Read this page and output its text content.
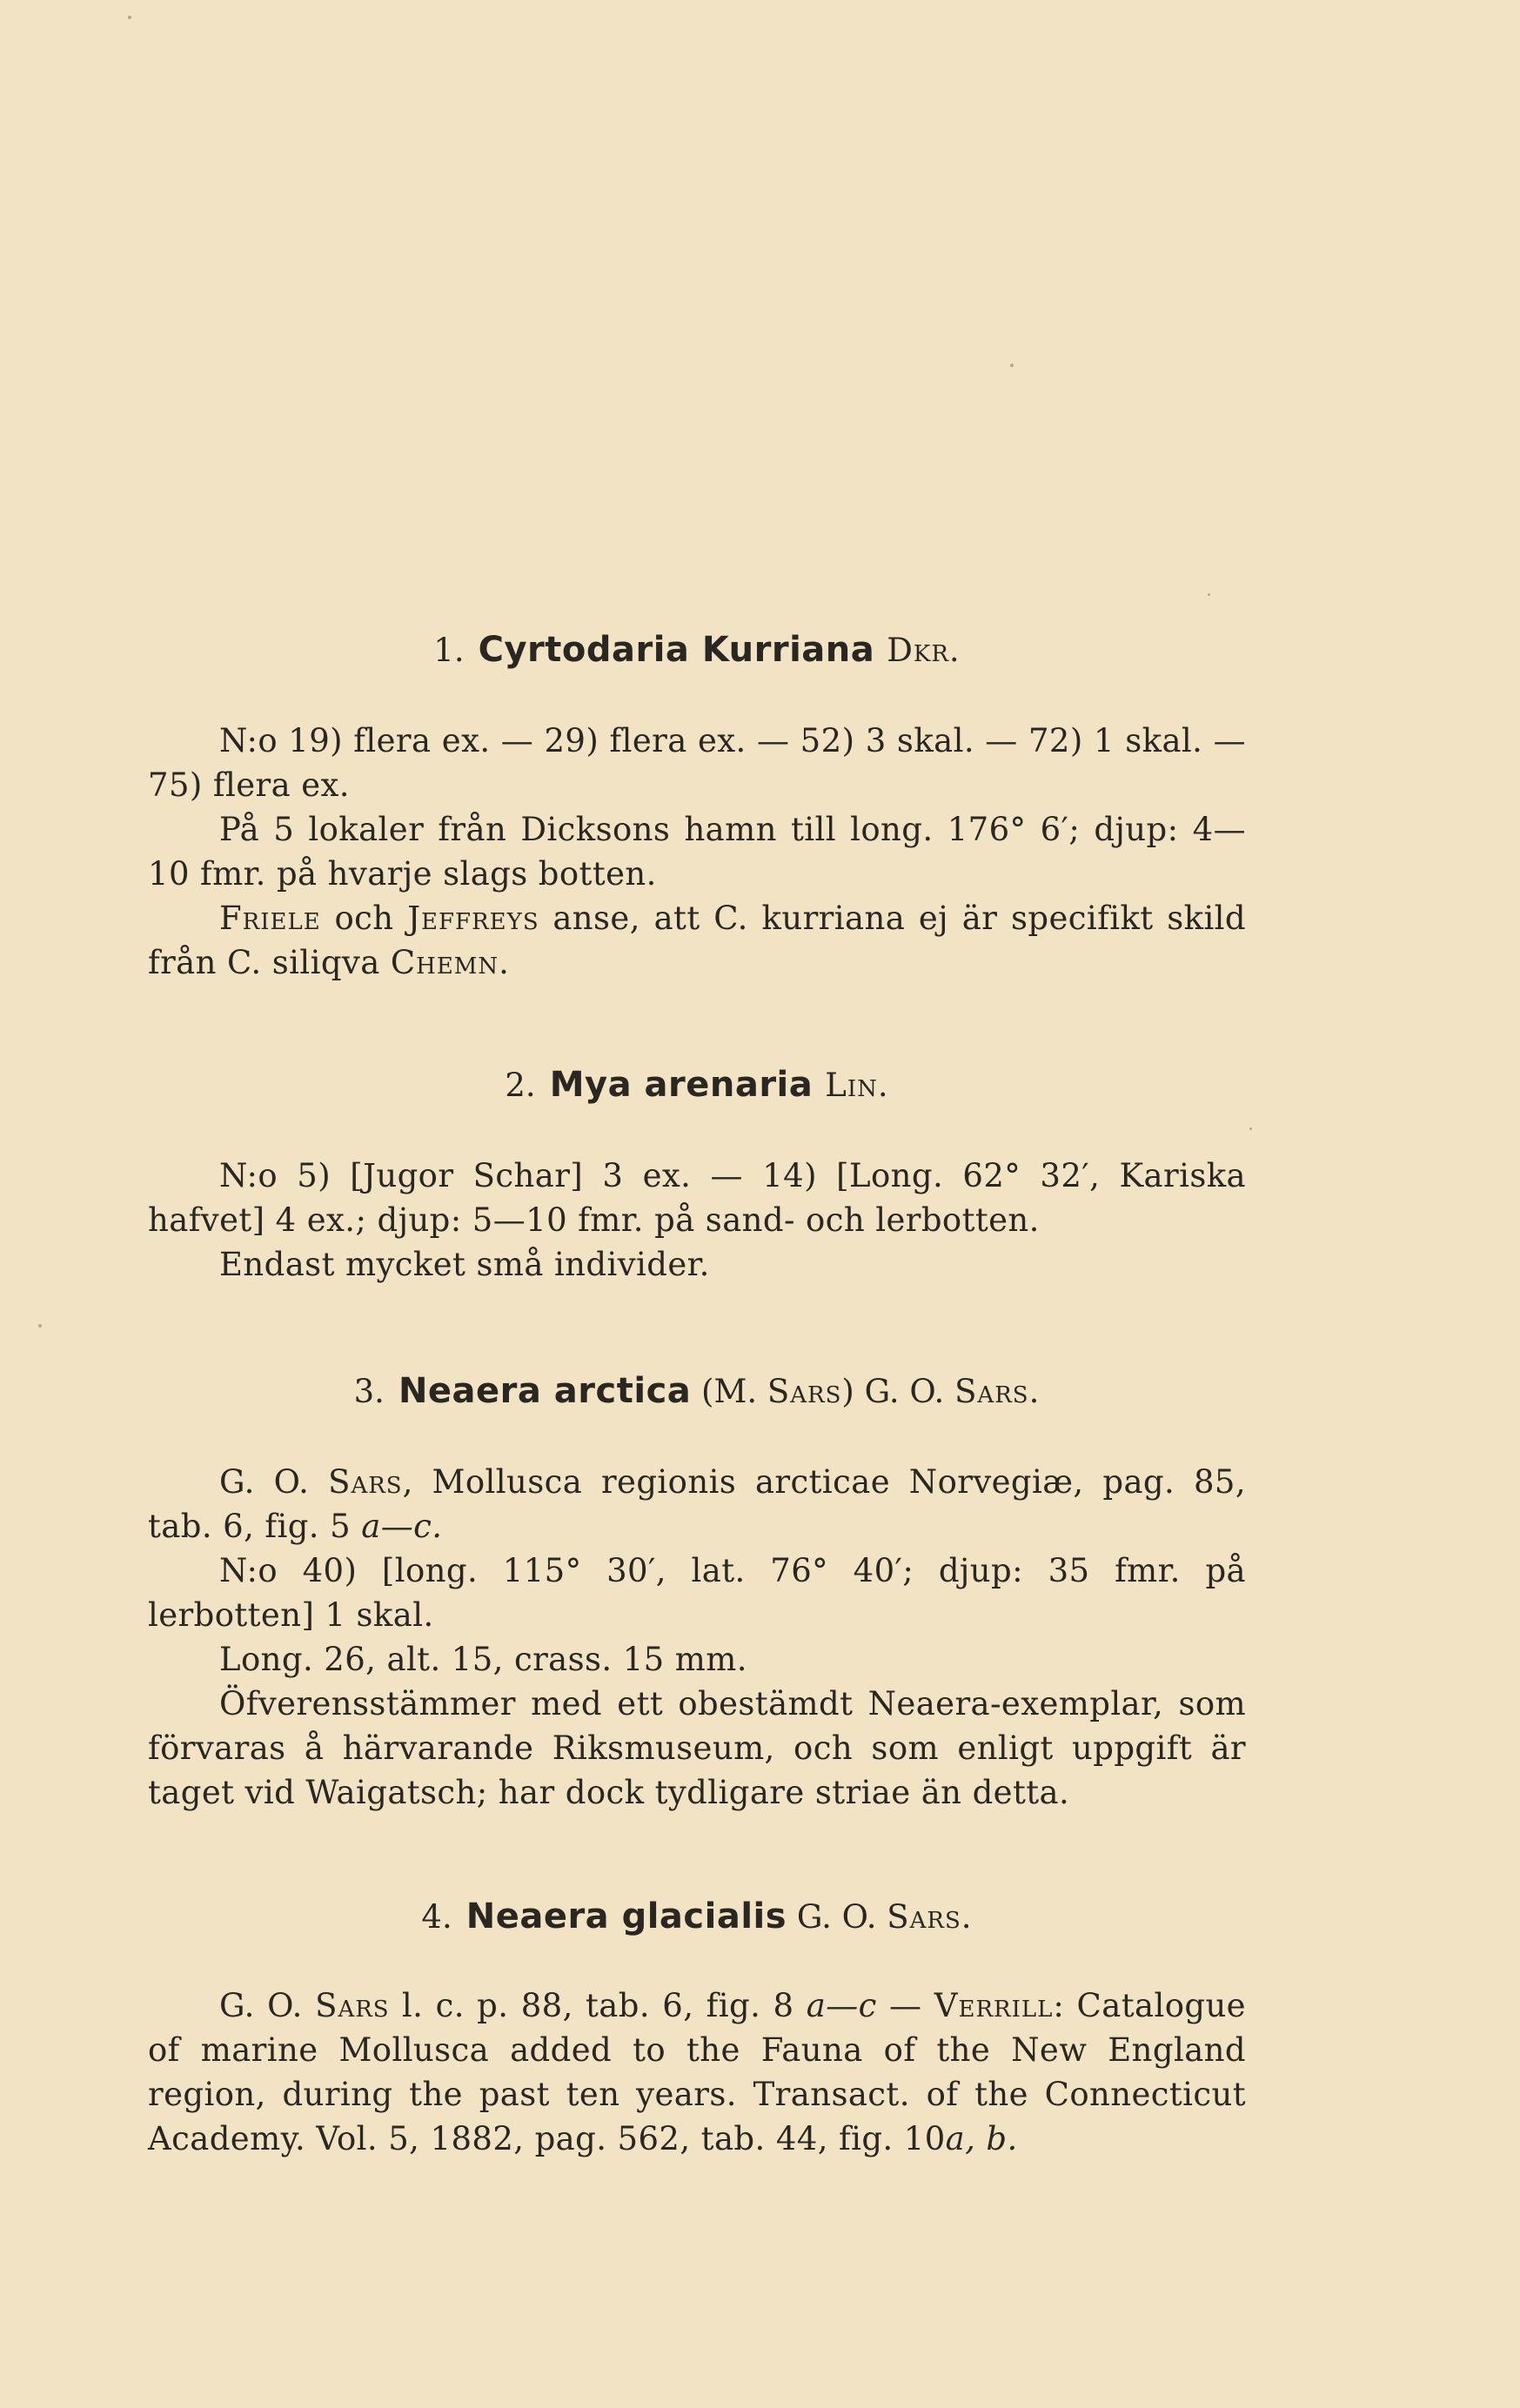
1. Cyrtodaria Kurriana Dkr.

N:o 19) flera ex. — 29) flera ex. — 52) 3 skal. — 72) 1 skal. — 75) flera ex.

På 5 lokaler från Dicksons hamn till long. 176° 6′; djup: 4—10 fmr. på hvarje slags botten.

Friele och Jeffreys anse, att C. kurriana ej är specifikt skild från C. siliqva Chemn.

2. Mya arenaria Lin.

N:o 5) [Jugor Schar] 3 ex. — 14) [Long. 62° 32′, Kariska hafvet] 4 ex.; djup: 5—10 fmr. på sand- och lerbotten.

Endast mycket små individer.

3. Neaera arctica (M. Sars) G. O. Sars.

G. O. Sars, Mollusca regionis arcticae Norvegiæ, pag. 85, tab. 6, fig. 5 a—c.

N:o 40) [long. 115° 30′, lat. 76° 40′; djup: 35 fmr. på lerbotten] 1 skal.

Long. 26, alt. 15, crass. 15 mm.

Öfverensstämmer med ett obestämdt Neaera-exemplar, som förvaras å härvarande Riksmuseum, och som enligt uppgift är taget vid Waigatsch; har dock tydligare striae än detta.

4. Neaera glacialis G. O. Sars.

G. O. Sars l. c. p. 88, tab. 6, fig. 8 a—c — Verrill: Catalogue of marine Mollusca added to the Fauna of the New England region, during the past ten years. Transact. of the Connecticut Academy. Vol. 5, 1882, pag. 562, tab. 44, fig. 10a, b.
